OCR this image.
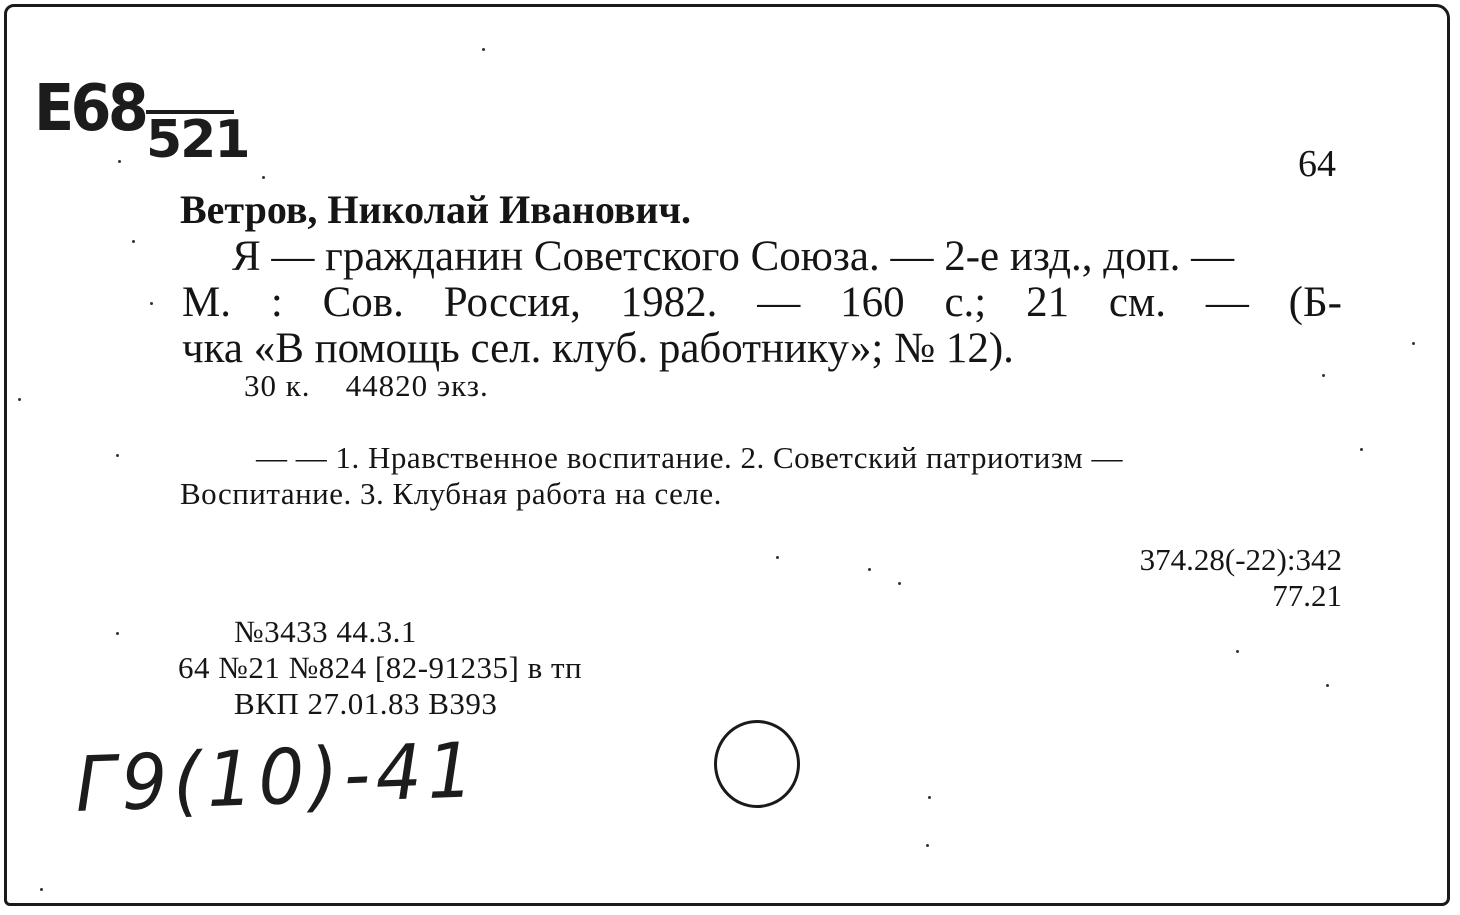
Е68 521	64
Ветров, Николай Иванович.
Я — гражданин Советского Союза. — 2-е изд., доп. —
М. : Сов. Россия, 1982. — 160 с.; 21 см. — (Б-
чка «В помощь сел. клуб. работнику»; № 12).
30 к. 44820 экз.
— — 1. Нравственное воспитание. 2. Советский патриотизм —
Воспитание. 3. Клубная работа на селе.
374.28(-22):342
77.21
№3433 44.3.1
64 №21 №824 [82-91235] в тп
ВКП 27.01.83 В393
Г9(10)-41
